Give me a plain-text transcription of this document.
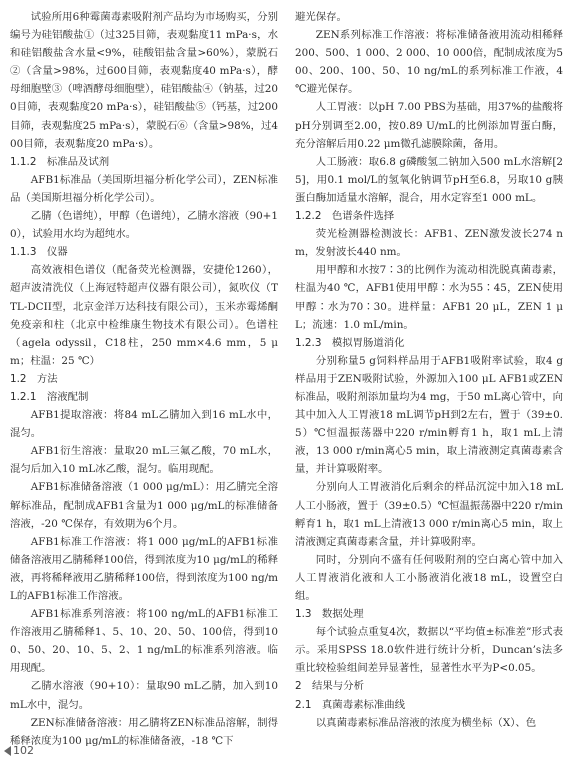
试验所用6种霉菌毒素吸附剂产品均为市场购买，分别编号为硅铝酸盐①（过325目筛，表观黏度11 mPa·s，水和硅铝酸盐含水量<9%，硅酸铝盐含量>60%），蒙脱石②（含量>98%，过600目筛，表观黏度40 mPa·s），酵母细胞壁③（啤酒酵母细胞壁），硅铝酸盐④（钠基，过200目筛，表观黏度20 mPa·s），硅铝酸盐⑤（钙基，过200目筛，表观黏度25 mPa·s），蒙脱石⑥（含量>98%，过400目筛，表观黏度20 mPa·s）。

1.1.2　标准品及试剂

AFB1标准品（美国斯坦福分析化学公司），ZEN标准品（美国斯坦福分析化学公司）。

乙腈（色谱纯），甲醇（色谱纯），乙腈水溶液（90+10），试验用水均为超纯水。

1.1.3　仪器

高效液相色谱仪（配备荧光检测器，安捷伦1260），超声波清洗仪（上海冠特超声仪器有限公司），氮吹仪（TTL-DCII型，北京金洋万达科技有限公司），玉米赤霉烯酮免疫亲和柱（北京中检维康生物技术有限公司）。色谱柱（agela odyssil，C18柱，250 mm×4.6 mm，5 μm；柱温：25 ℃）

1.2　方法

1.2.1　溶液配制

AFB1提取溶液：将84 mL乙腈加入到16 mL水中，混匀。

AFB1衍生溶液：量取20 mL三氟乙酸，70 mL水，混匀后加入10 mL冰乙酸，混匀。临用现配。

AFB1标准储备溶液（1 000 μg/mL）：用乙腈完全溶解标准品，配制成AFB1含量为1 000 μg/mL的标准储备溶液，-20 ℃保存，有效期为6个月。

AFB1标准工作溶液：将1 000 μg/mL的AFB1标准储备溶液用乙腈稀释100倍，得到浓度为10 μg/mL的稀释液，再将稀释液用乙腈稀释100倍，得到浓度为100 ng/mL的AFB1标准工作溶液。

AFB1标准系列溶液：将100 ng/mL的AFB1标准工作溶液用乙腈稀释1、5、10、20、50、100倍，得到100、50、20、10、5、2、1 ng/mL的标准系列溶液。临用现配。

乙腈水溶液（90+10）：量取90 mL乙腈，加入到10 mL水中，混匀。

ZEN标准储备溶液：用乙腈将ZEN标准品溶解，制得稀释浓度为100 μg/mL的标准储备液，-18 ℃下

避光保存。

ZEN系列标准工作溶液：将标准储备液用流动相稀释200、500、1 000、2 000、10 000倍，配制成浓度为500、200、100、50、10 ng/mL的系列标准工作液，4 ℃避光保存。

人工胃液：以pH 7.00 PBS为基础，用37%的盐酸将pH分别调至2.00，按0.89 U/mL的比例添加胃蛋白酶，充分溶解后用0.22 μm微孔滤膜除菌，备用。

人工肠液：取6.8 g磷酸氢二钠加入500 mL水溶解[25]，用0.1 mol/L的氢氧化钠调节pH至6.8，另取10 g胰蛋白酶加适量水溶解，混合，用水定容至1 000 mL。

1.2.2　色谱条件选择

荧光检测器检测波长：AFB1、ZEN激发波长274 nm，发射波长440 nm。

用甲醇和水按7∶3的比例作为流动相洗脱真菌毒素，柱温为40 ℃，AFB1使用甲醇∶水为55∶45，ZEN使用甲醇∶水为70∶30。进样量：AFB1 20 μL，ZEN 1 μL；流速：1.0 mL/min。

1.2.3　模拟胃肠道消化

分别称量5 g饲料样品用于AFB1吸附率试验，取4 g样品用于ZEN吸附试验，外源加入100 μL AFB1或ZEN标准品，吸附剂添加量均为4 mg，于50 mL离心管中，向其中加入人工胃液18 mL调节pH到2左右，置于（39±0.5）℃恒温振荡器中220 r/min孵育1 h，取1 mL上清液，13 000 r/min离心5 min，取上清液测定真菌毒素含量，并计算吸附率。

分别向人工胃液消化后剩余的样品沉淀中加入18 mL人工小肠液，置于（39±0.5）℃恒温振荡器中220 r/min孵育1 h，取1 mL上清液13 000 r/min离心5 min，取上清液测定真菌毒素含量，并计算吸附率。

同时，分别向不盛有任何吸附剂的空白离心管中加入人工胃液消化液和人工小肠液消化液18 mL，设置空白组。

1.3　数据处理

每个试验点重复4次，数据以“平均值±标准差”形式表示。采用SPSS 18.0软件进行统计分析，Duncan’s法多重比较检验组间差异显著性，显著性水平为P<0.05。

2　结果与分析

2.1　真菌毒素标准曲线

以真菌毒素标准品溶液的浓度为横坐标（X）、色

102
